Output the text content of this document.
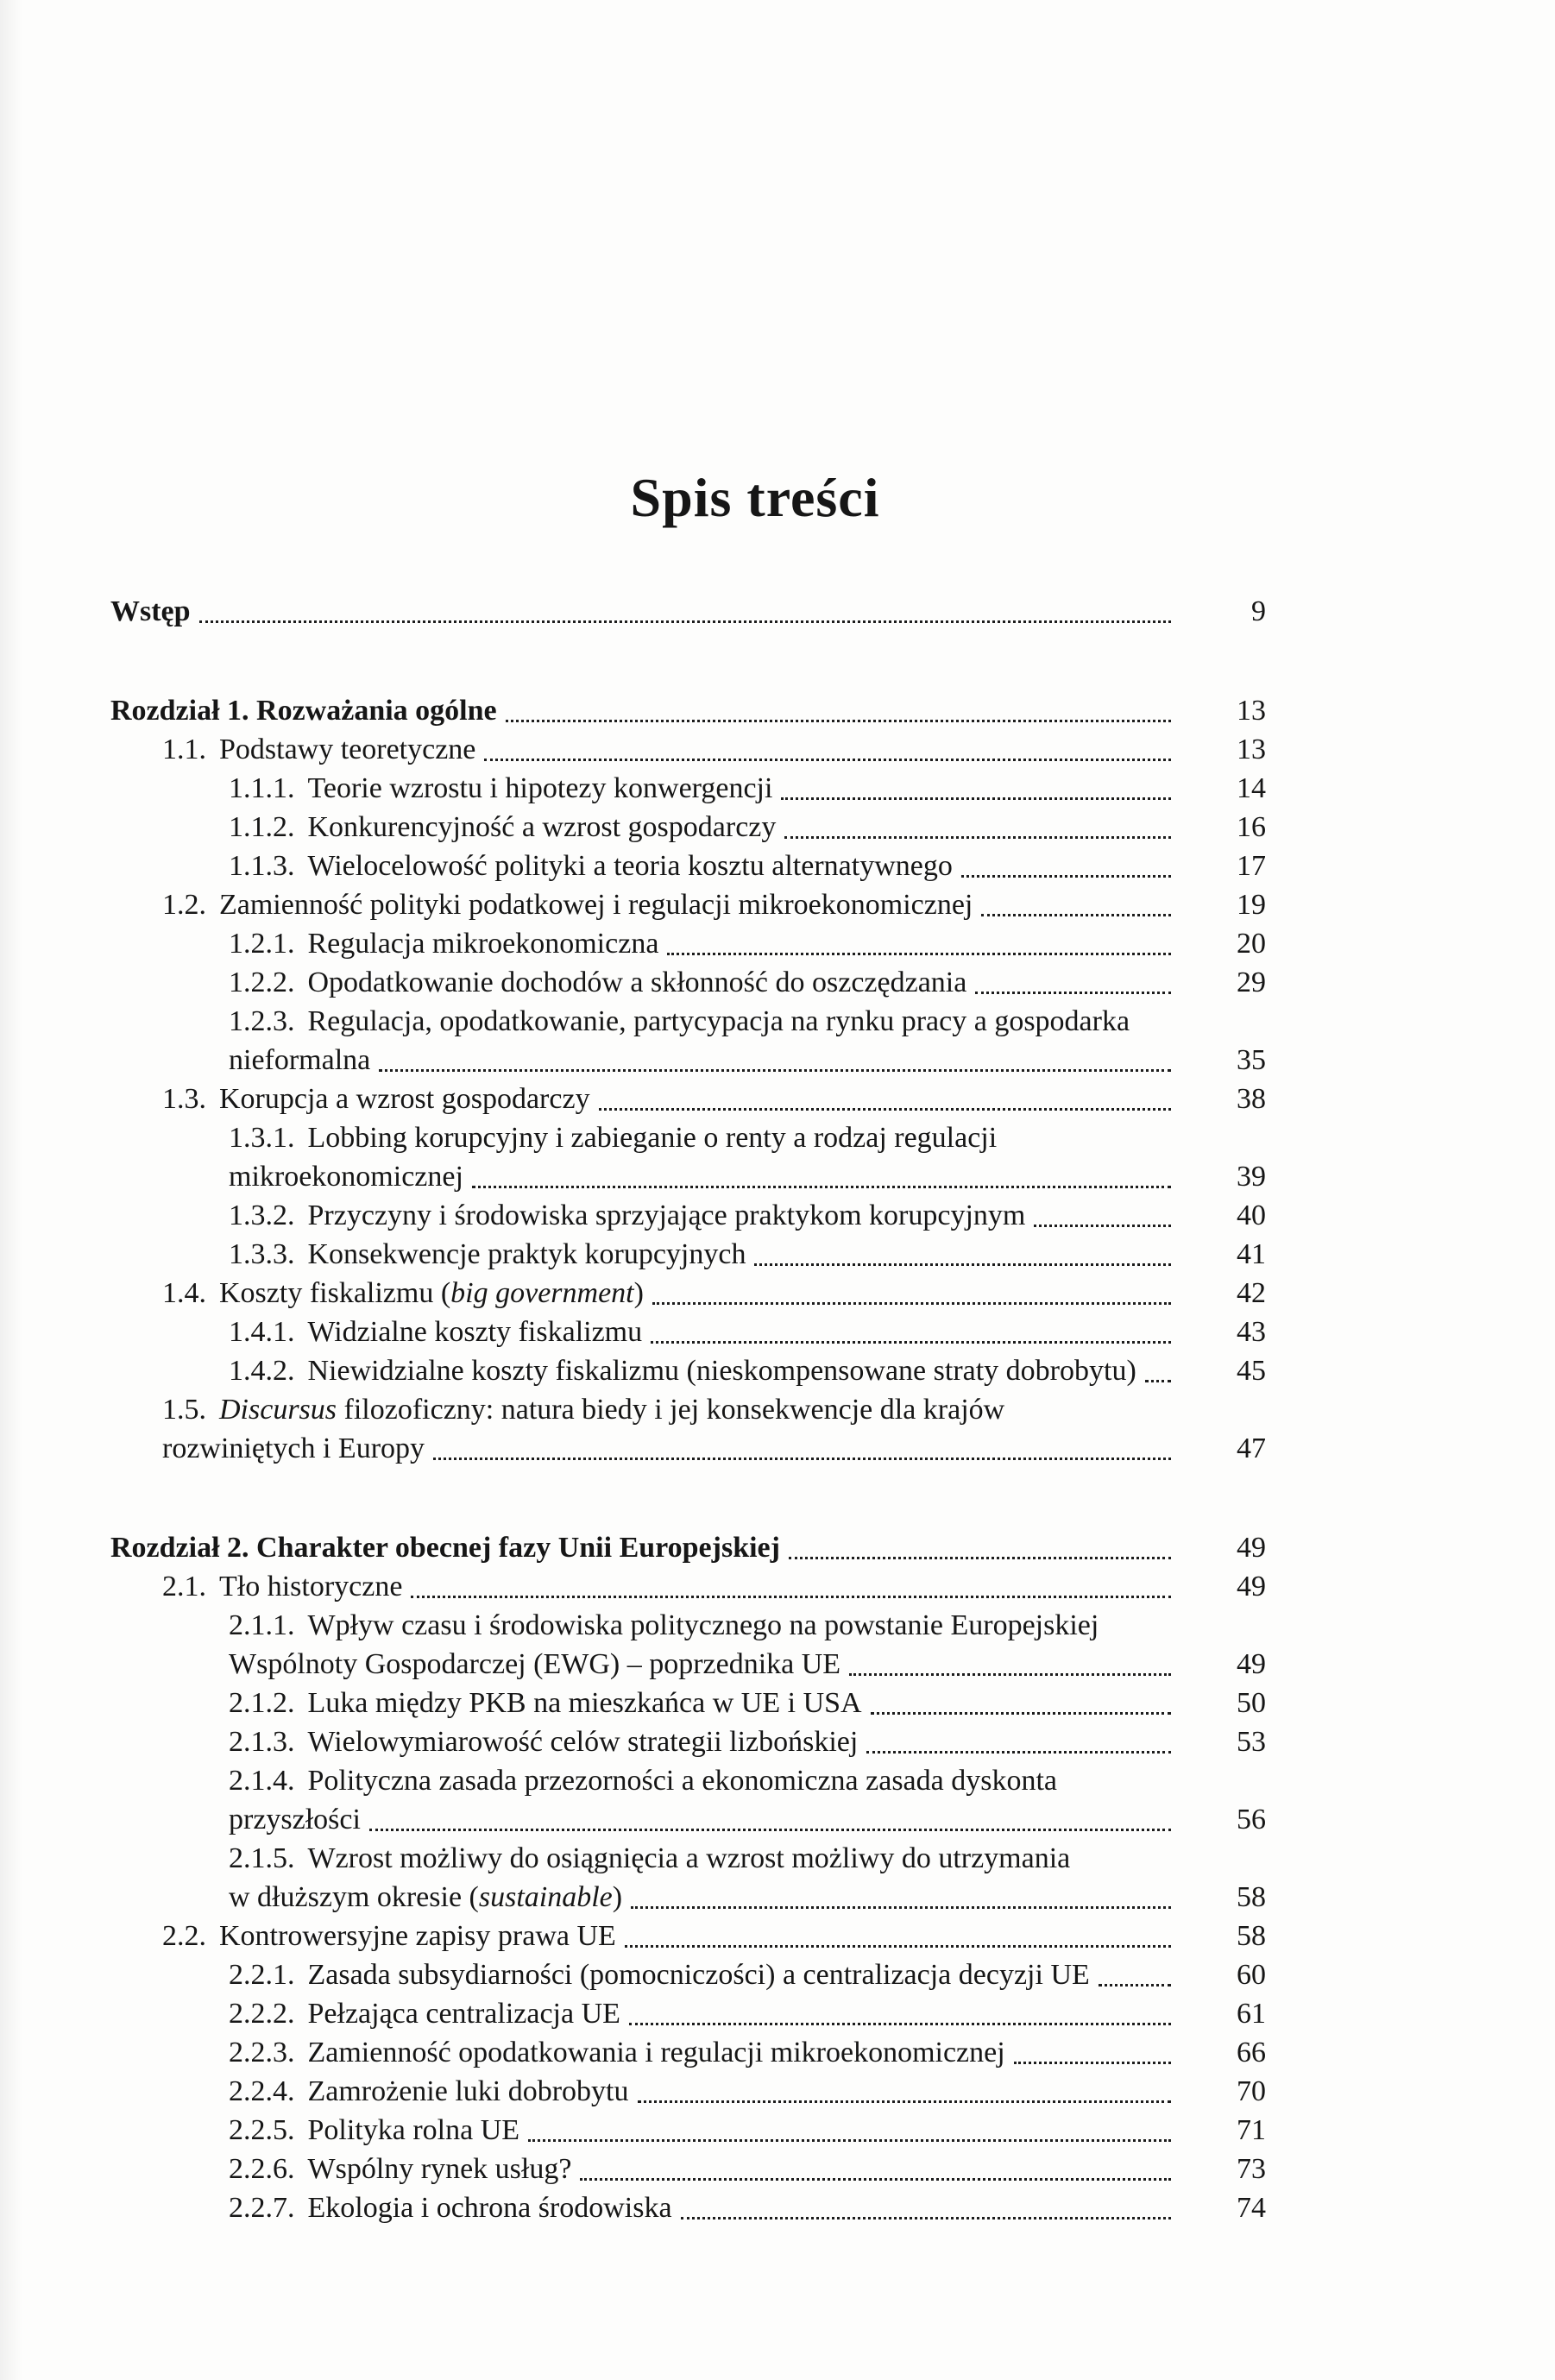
Spis treści
Wstęp	9
Rozdział 1. Rozważania ogólne	13
1.1. Podstawy teoretyczne	13
1.1.1. Teorie wzrostu i hipotezy konwergencji	14
1.1.2. Konkurencyjność a wzrost gospodarczy	16
1.1.3. Wielocelowość polityki a teoria kosztu alternatywnego	17
1.2. Zamienność polityki podatkowej i regulacji mikroekonomicznej	19
1.2.1. Regulacja mikroekonomiczna	20
1.2.2. Opodatkowanie dochodów a skłonność do oszczędzania	29
1.2.3. Regulacja, opodatkowanie, partycypacja na rynku pracy a gospodarka
nieformalna	35
1.3. Korupcja a wzrost gospodarczy	38
1.3.1. Lobbing korupcyjny i zabieganie o renty a rodzaj regulacji
mikroekonomicznej	39
1.3.2. Przyczyny i środowiska sprzyjające praktykom korupcyjnym	40
1.3.3. Konsekwencje praktyk korupcyjnych	41
1.4. Koszty fiskalizmu ( big government )	42
1.4.1. Widzialne koszty fiskalizmu	43
1.4.2. Niewidzialne koszty fiskalizmu (nieskompensowane straty dobrobytu)	45
1.5. Discursus filozoficzny: natura biedy i jej konsekwencje dla krajów
rozwiniętych i Europy	47
Rozdział 2. Charakter obecnej fazy Unii Europejskiej	49
2.1. Tło historyczne	49
2.1.1. Wpływ czasu i środowiska politycznego na powstanie Europejskiej
Wspólnoty Gospodarczej (EWG) – poprzednika UE	49
2.1.2. Luka między PKB na mieszkańca w UE i USA	50
2.1.3. Wielowymiarowość celów strategii lizbońskiej	53
2.1.4. Polityczna zasada przezorności a ekonomiczna zasada dyskonta
przyszłości	56
2.1.5. Wzrost możliwy do osiągnięcia a wzrost możliwy do utrzymania
w dłuższym okresie ( sustainable )	58
2.2. Kontrowersyjne zapisy prawa UE	58
2.2.1. Zasada subsydiarności (pomocniczości) a centralizacja decyzji UE	60
2.2.2. Pełzająca centralizacja UE	61
2.2.3. Zamienność opodatkowania i regulacji mikroekonomicznej	66
2.2.4. Zamrożenie luki dobrobytu	70
2.2.5. Polityka rolna UE	71
2.2.6. Wspólny rynek usług?	73
2.2.7. Ekologia i ochrona środowiska	74
